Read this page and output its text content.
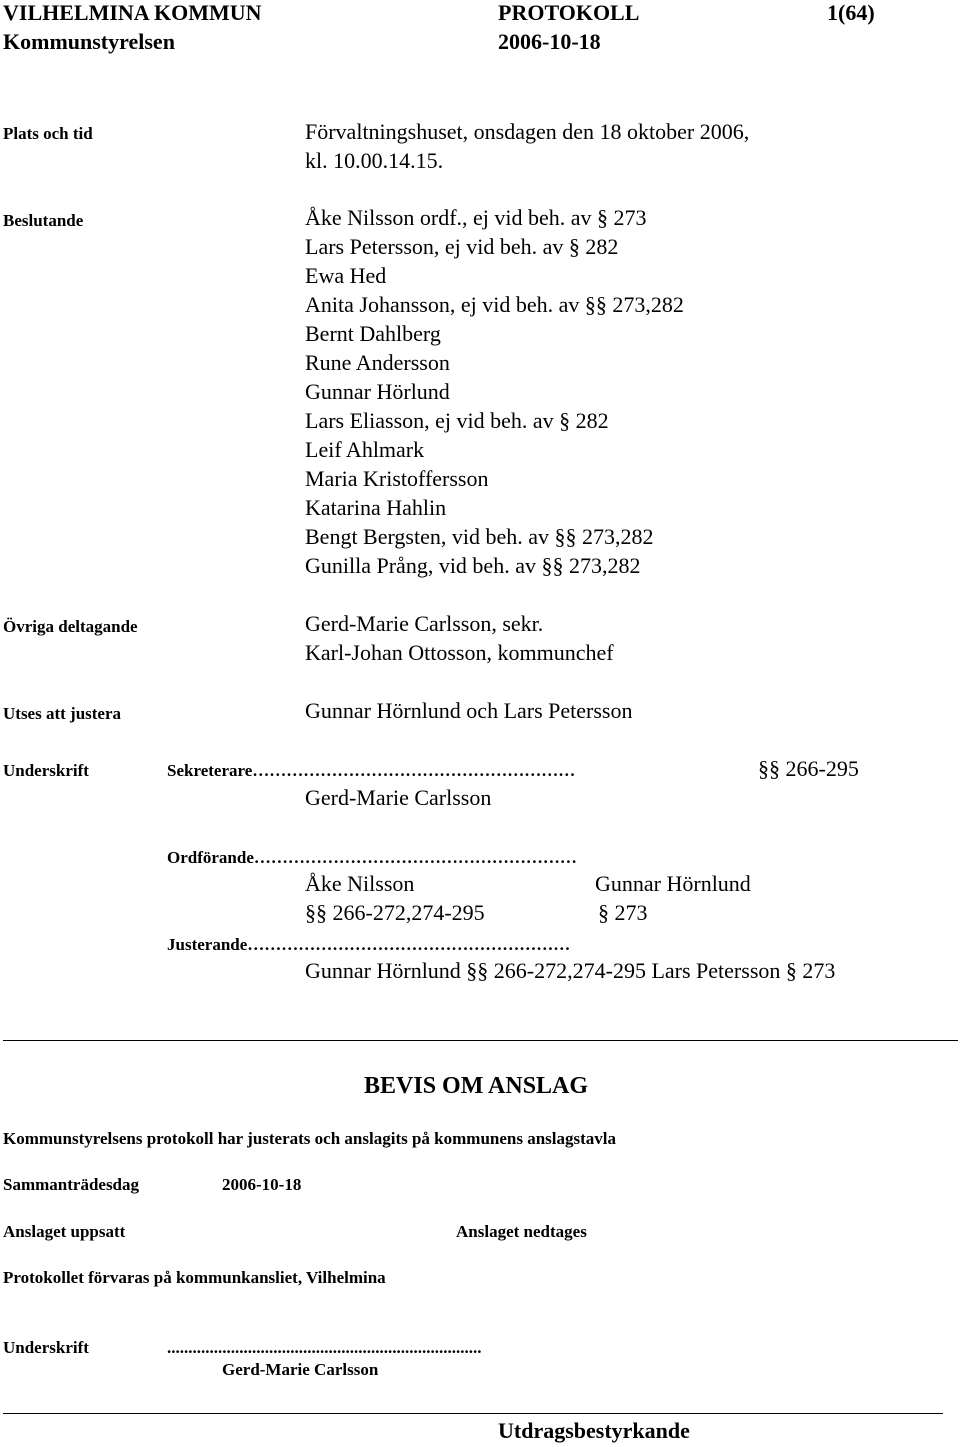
VILHELMINA KOMMUN	PROTOKOLL	1(64)
Kommunstyrelsen	2006-10-18
Plats och tid	Förvaltningshuset, onsdagen den 18 oktober 2006,
kl. 10.00.14.15.
Beslutande	Åke Nilsson ordf., ej vid beh. av § 273
Lars Petersson, ej vid beh. av § 282
Ewa Hed
Anita Johansson, ej vid beh. av §§ 273,282
Bernt Dahlberg
Rune Andersson
Gunnar Hörlund
Lars Eliasson, ej vid beh. av § 282
Leif Ahlmark
Maria Kristoffersson
Katarina Hahlin
Bengt Bergsten, vid beh. av §§ 273,282
Gunilla Prång, vid beh. av §§ 273,282
Övriga deltagande	Gerd-Marie Carlsson, sekr.
Karl-Johan Ottosson, kommunchef
Utses att justera	Gunnar Hörnlund och Lars Petersson
Underskrift	Sekreterare…………………………………………………	§§ 266-295
Gerd-Marie Carlsson
Ordförande…………………………………………………
Åke Nilsson	Gunnar Hörnlund
§§ 266-272,274-295	§ 273
Justerande…………………………………………………
Gunnar Hörnlund §§ 266-272,274-295 Lars Petersson § 273
BEVIS OM ANSLAG
Kommunstyrelsens protokoll har justerats och anslagits på kommunens anslagstavla
Sammanträdesdag	2006-10-18
Anslaget uppsatt	Anslaget nedtages
Protokollet förvaras på kommunkansliet, Vilhelmina
Underskrift	..........................................................................
Gerd-Marie Carlsson
Utdragsbestyrkande
